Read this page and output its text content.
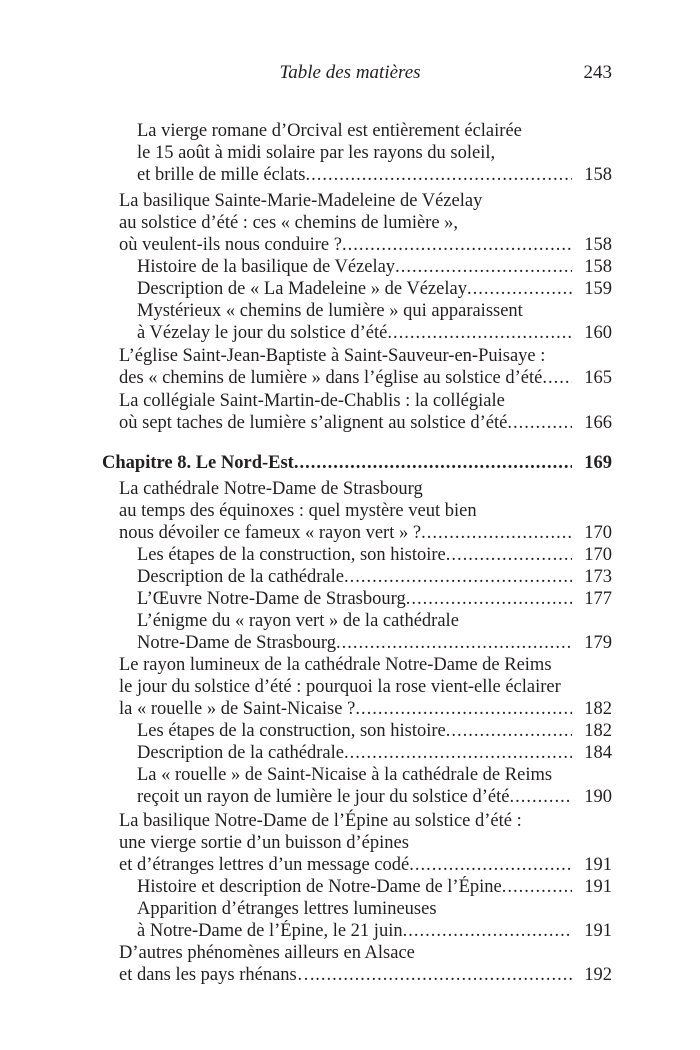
Table des matières	243
La vierge romane d’Orcival est entièrement éclairée
le 15 août à midi solaire par les rayons du soleil,
et brille de mille éclats .....	158
La basilique Sainte-Marie-Madeleine de Vézelay
au solstice d’été : ces « chemins de lumière »,
où veulent-ils nous conduire ? .....	158
Histoire de la basilique de Vézelay .....	158
Description de « La Madeleine » de Vézelay .....	159
Mystérieux « chemins de lumière » qui apparaissent
à Vézelay le jour du solstice d’été .....	160
L’église Saint-Jean-Baptiste à Saint-Sauveur-en-Puisaye :
des « chemins de lumière » dans l’église au solstice d’été ..... 165
La collégiale Saint-Martin-de-Chablis : la collégiale
où sept taches de lumière s’alignent au solstice d’été .....	166
Chapitre 8. Le Nord-Est .....	169
La cathédrale Notre-Dame de Strasbourg
au temps des équinoxes : quel mystère veut bien
nous dévoiler ce fameux « rayon vert » ? .....	170
Les étapes de la construction, son histoire .....	170
Description de la cathédrale .....	173
L’Œuvre Notre-Dame de Strasbourg .....	177
L’énigme du « rayon vert » de la cathédrale
Notre-Dame de Strasbourg .....	179
Le rayon lumineux de la cathédrale Notre-Dame de Reims
le jour du solstice d’été : pourquoi la rose vient-elle éclairer
la « rouelle » de Saint-Nicaise ? .....	182
Les étapes de la construction, son histoire .....	182
Description de la cathédrale .....	184
La « rouelle » de Saint-Nicaise à la cathédrale de Reims
reçoit un rayon de lumière le jour du solstice d’été .....	190
La basilique Notre-Dame de l’Épine au solstice d’été :
une vierge sortie d’un buisson d’épines
et d’étranges lettres d’un message codé .....	191
Histoire et description de Notre-Dame de l’Épine .....	191
Apparition d’étranges lettres lumineuses
à Notre-Dame de l’Épine, le 21 juin .....	191
D’autres phénomènes ailleurs en Alsace
et dans les pays rhénans… .....	192
